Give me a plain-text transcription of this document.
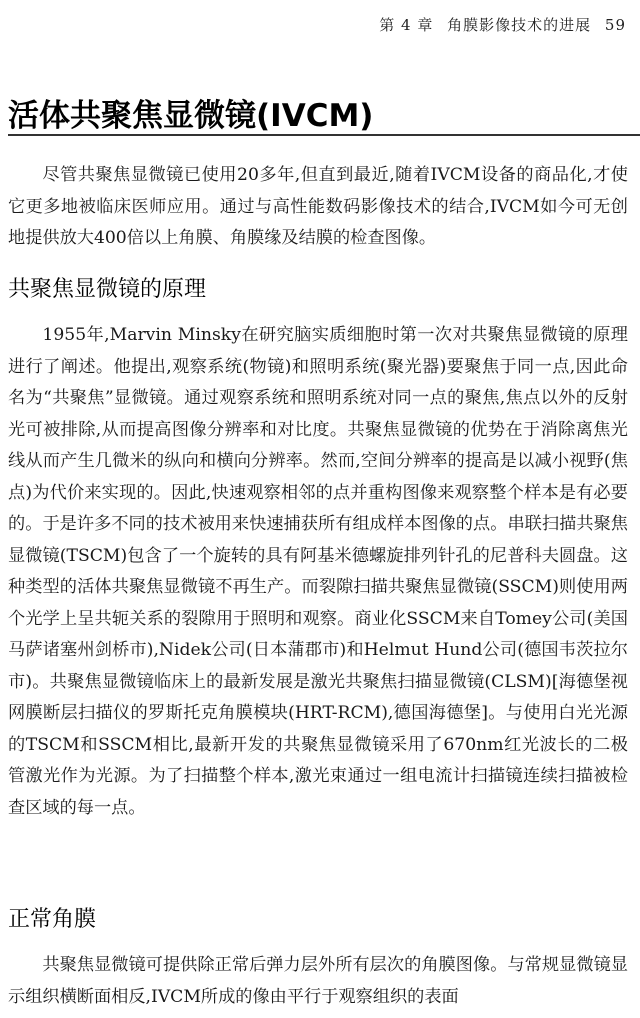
第 4 章 角膜影像技术的进展 59
活体共聚焦显微镜(IVCM)

尽管共聚焦显微镜已使用20多年,但直到最近,随着IVCM设备的商品化,才使它更多地被临床医师应用。通过与高性能数码影像技术的结合,IVCM如今可无创地提供放大400倍以上角膜、角膜缘及结膜的检查图像。

共聚焦显微镜的原理

1955年,Marvin Minsky在研究脑实质细胞时第一次对共聚焦显微镜的原理进行了阐述。他提出,观察系统(物镜)和照明系统(聚光器)要聚焦于同一点,因此命名为“共聚焦”显微镜。通过观察系统和照明系统对同一点的聚焦,焦点以外的反射光可被排除,从而提高图像分辨率和对比度。共聚焦显微镜的优势在于消除离焦光线从而产生几微米的纵向和横向分辨率。然而,空间分辨率的提高是以减小视野(焦点)为代价来实现的。因此,快速观察相邻的点并重构图像来观察整个样本是有必要的。于是许多不同的技术被用来快速捕获所有组成样本图像的点。串联扫描共聚焦显微镜(TSCM)包含了一个旋转的具有阿基米德螺旋排列针孔的尼普科夫圆盘。这种类型的活体共聚焦显微镜不再生产。而裂隙扫描共聚焦显微镜(SSCM)则使用两个光学上呈共轭关系的裂隙用于照明和观察。商业化SSCM来自Tomey公司(美国马萨诸塞州剑桥市),Nidek公司(日本蒲郡市)和Helmut Hund公司(德国韦茨拉尔市)。共聚焦显微镜临床上的最新发展是激光共聚焦扫描显微镜(CLSM)[海德堡视网膜断层扫描仪的罗斯托克角膜模块(HRT-RCM),德国海德堡]。与使用白光光源的TSCM和SSCM相比,最新开发的共聚焦显微镜采用了670nm红光波长的二极管激光作为光源。为了扫描整个样本,激光束通过一组电流计扫描镜连续扫描被检查区域的每一点。

正常角膜

共聚焦显微镜可提供除正常后弹力层外所有层次的角膜图像。与常规显微镜显示组织横断面相反,IVCM所成的像由平行于观察组织的表面
